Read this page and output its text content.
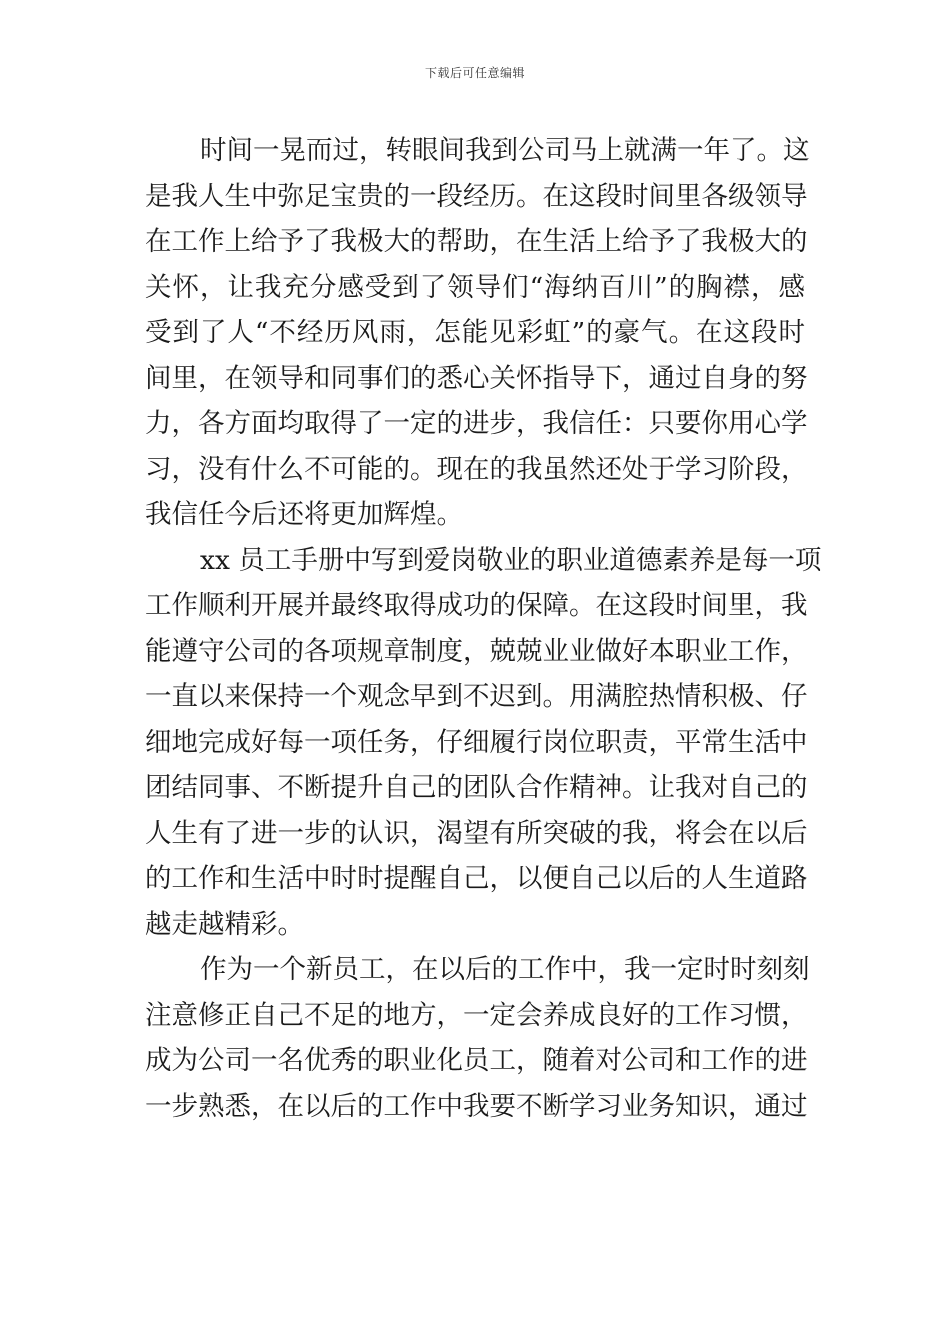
下载后可任意编辑
时间一晃而过，转眼间我到公司马上就满一年了。这
是我人生中弥足宝贵的一段经历。在这段时间里各级领导
在工作上给予了我极大的帮助，在生活上给予了我极大的
关怀，让我充分感受到了领导们“海纳百川”的胸襟，感
受到了人“不经历风雨，怎能见彩虹”的豪气。在这段时
间里，在领导和同事们的悉心关怀指导下，通过自身的努
力，各方面均取得了一定的进步，我信任：只要你用心学
习，没有什么不可能的。现在的我虽然还处于学习阶段，
我信任今后还将更加辉煌。
xx 员工手册中写到爱岗敬业的职业道德素养是每一项
工作顺利开展并最终取得成功的保障。在这段时间里，我
能遵守公司的各项规章制度，兢兢业业做好本职业工作，
一直以来保持一个观念早到不迟到。用满腔热情积极、仔
细地完成好每一项任务，仔细履行岗位职责，平常生活中
团结同事、不断提升自己的团队合作精神。让我对自己的
人生有了进一步的认识，渴望有所突破的我，将会在以后
的工作和生活中时时提醒自己，以便自己以后的人生道路
越走越精彩。
作为一个新员工，在以后的工作中，我一定时时刻刻
注意修正自己不足的地方，一定会养成良好的工作习惯，
成为公司一名优秀的职业化员工，随着对公司和工作的进
一步熟悉，在以后的工作中我要不断学习业务知识，通过
